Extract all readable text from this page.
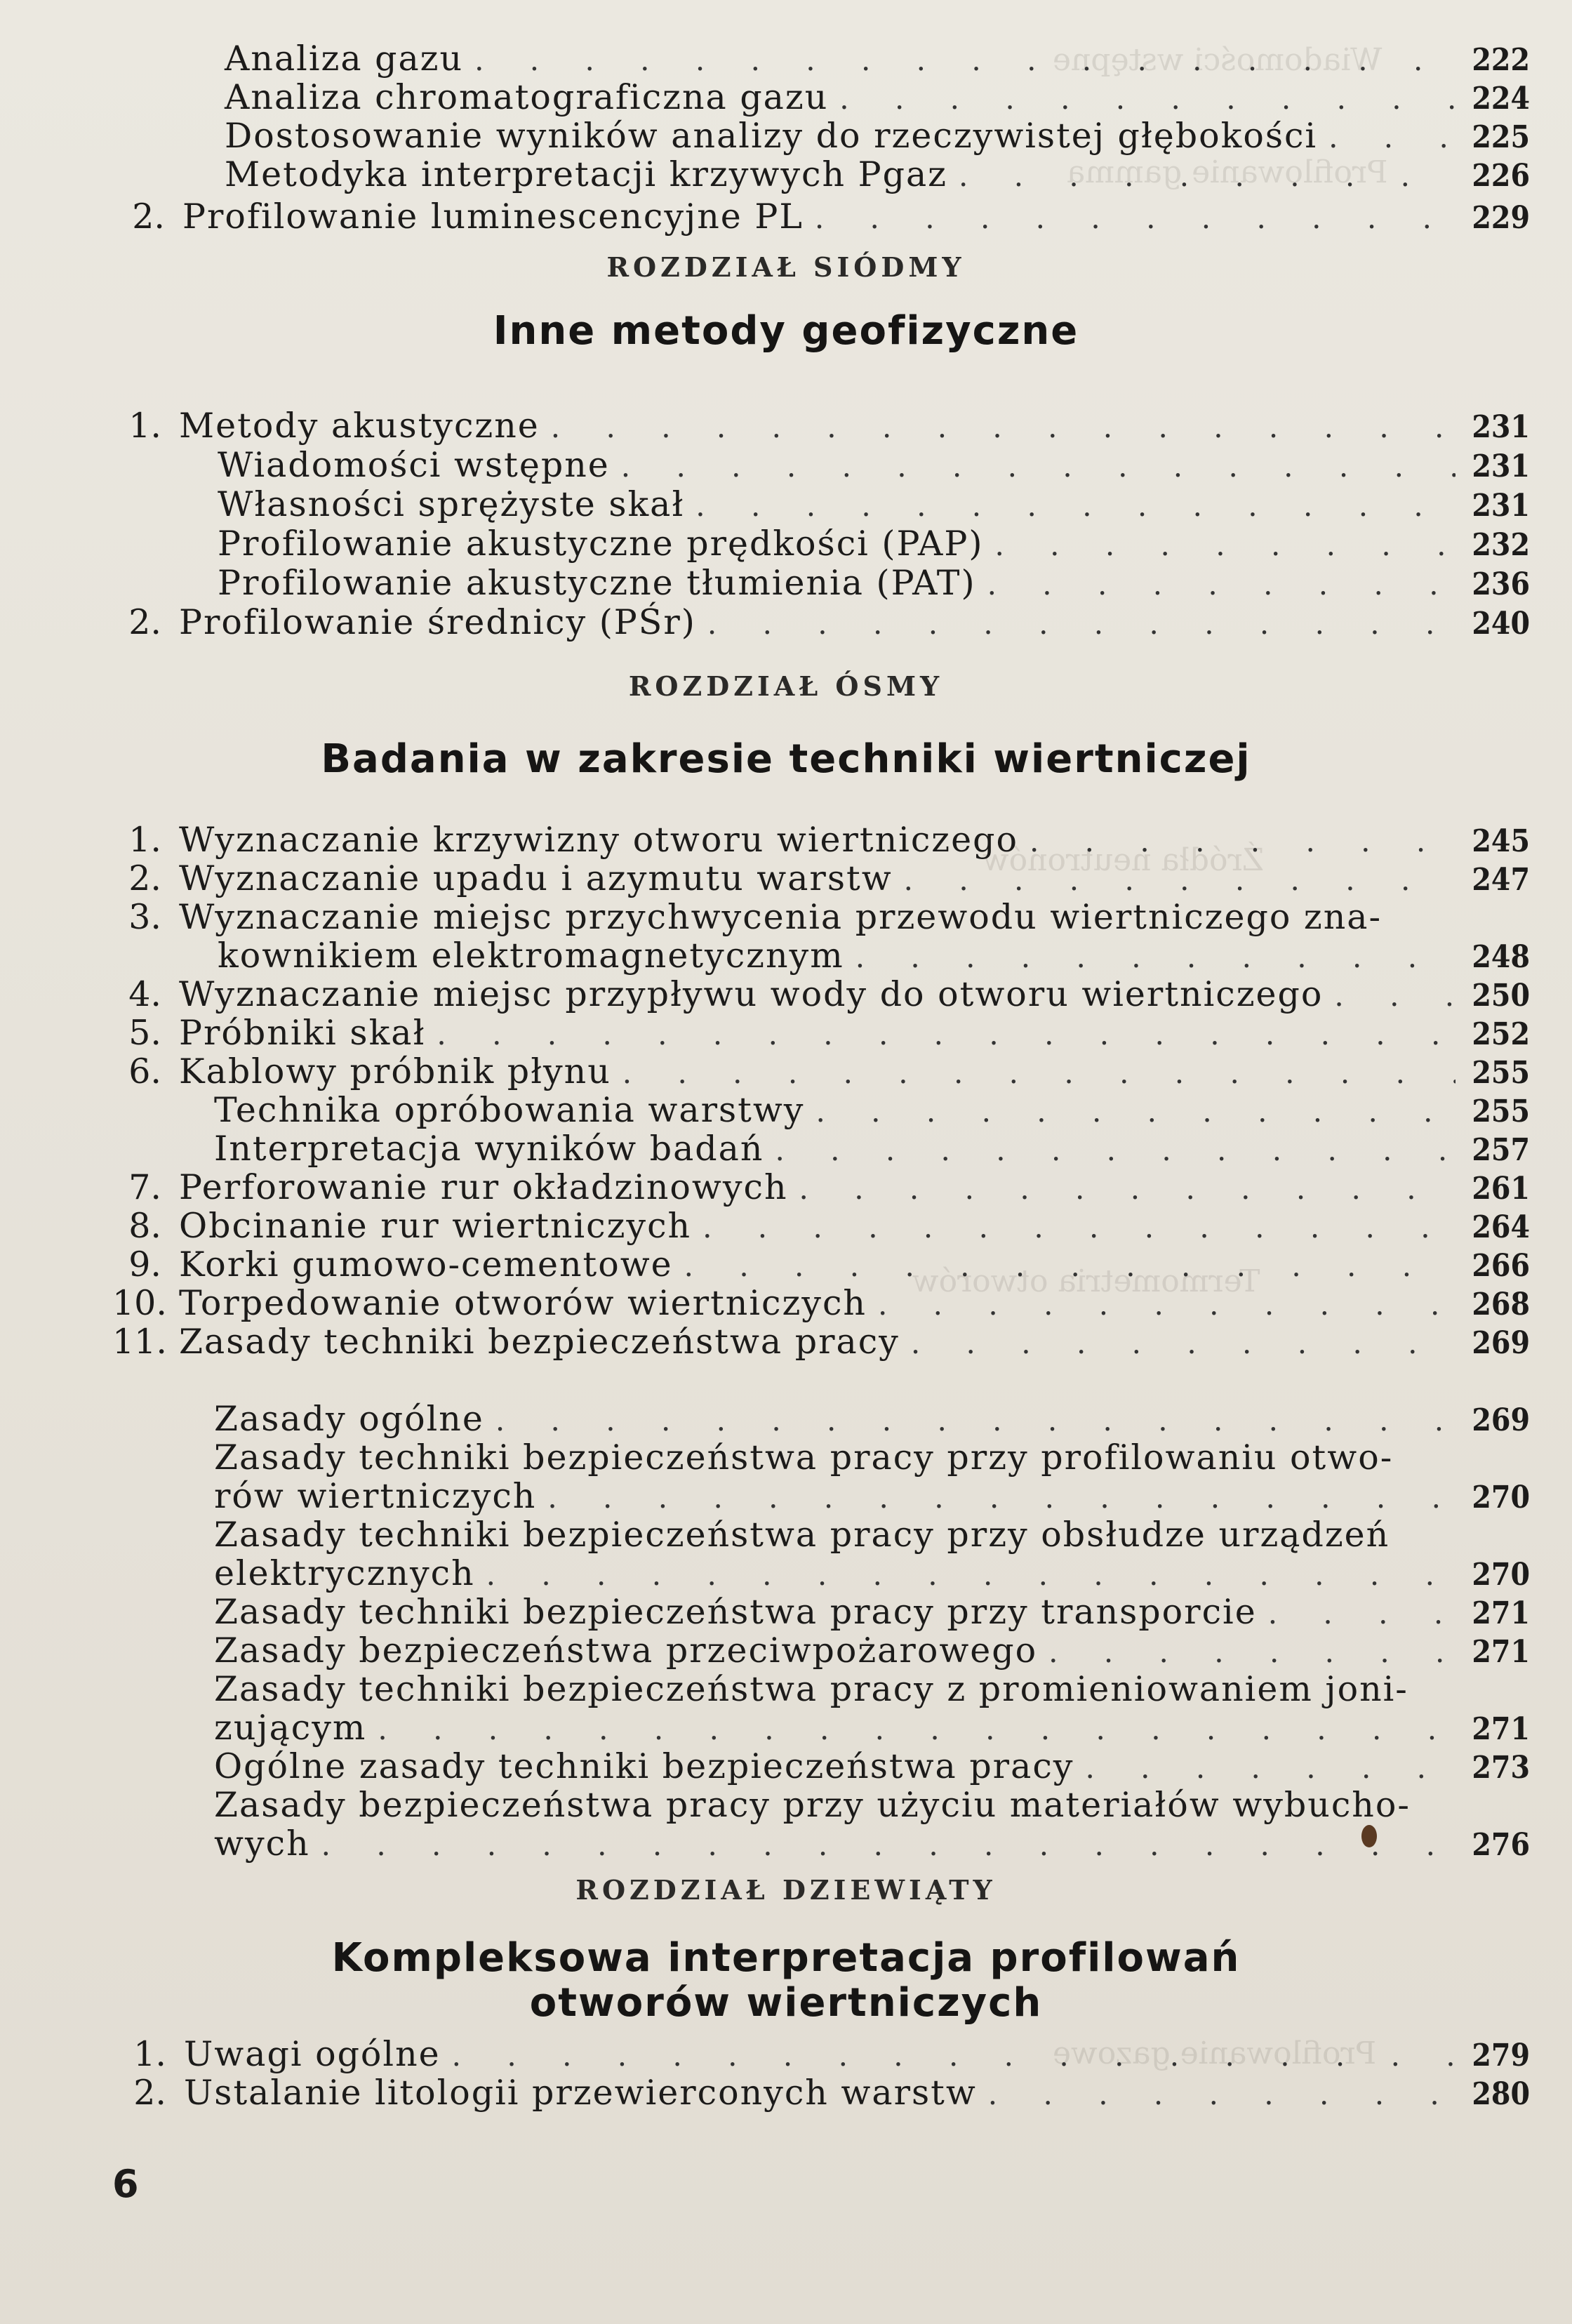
Wiadomości wstępne
Profilowanie gamma
Źródła neutronów
Termometria otworów
Profilowanie gazowe
Analiza gazu . . .	222
Analiza chromatograficzna gazu . . .	224
Dostosowanie wyników analizy do rzeczywistej głębokości . . .	225
Metodyka interpretacji krzywych Pgaz . . .	226
2. Profilowanie luminescencyjne PL . . .	229
ROZDZIAŁ SIÓDMY
Inne metody geofizyczne
1. Metody akustyczne . . .	231
Wiadomości wstępne . . .	231
Własności sprężyste skał . . .	231
Profilowanie akustyczne prędkości (PAP) . . .	232
Profilowanie akustyczne tłumienia (PAT) . . .	236
2. Profilowanie średnicy (PŚr) . . .	240
ROZDZIAŁ ÓSMY
Badania w zakresie techniki wiertniczej
1. Wyznaczanie krzywizny otworu wiertniczego . . .	245
2. Wyznaczanie upadu i azymutu warstw . . .	247
3. Wyznaczanie miejsc przychwycenia przewodu wiertniczego zna-
kownikiem elektromagnetycznym . . .	248
4. Wyznaczanie miejsc przypływu wody do otworu wiertniczego . . .	250
5. Próbniki skał . . .	252
6. Kablowy próbnik płynu . . .	255
Technika opróbowania warstwy . . .	255
Interpretacja wyników badań . . .	257
7. Perforowanie rur okładzinowych . . .	261
8. Obcinanie rur wiertniczych . . .	264
9. Korki gumowo-cementowe . . .	266
10. Torpedowanie otworów wiertniczych . . .	268
11. Zasady techniki bezpieczeństwa pracy . . .	269
Zasady ogólne . . .	269
Zasady techniki bezpieczeństwa pracy przy profilowaniu otwo-
rów wiertniczych . . .	270
Zasady techniki bezpieczeństwa pracy przy obsłudze urządzeń
elektrycznych . . .	270
Zasady techniki bezpieczeństwa pracy przy transporcie . . .	271
Zasady bezpieczeństwa przeciwpożarowego . . .	271
Zasady techniki bezpieczeństwa pracy z promieniowaniem joni-
zującym . . .	271
Ogólne zasady techniki bezpieczeństwa pracy . . .	273
Zasady bezpieczeństwa pracy przy użyciu materiałów wybucho-
wych . . .	276
ROZDZIAŁ DZIEWIĄTY
Kompleksowa interpretacja profilowań
otworów wiertniczych
1. Uwagi ogólne . . .	279
2. Ustalanie litologii przewierconych warstw . . .	280
6
